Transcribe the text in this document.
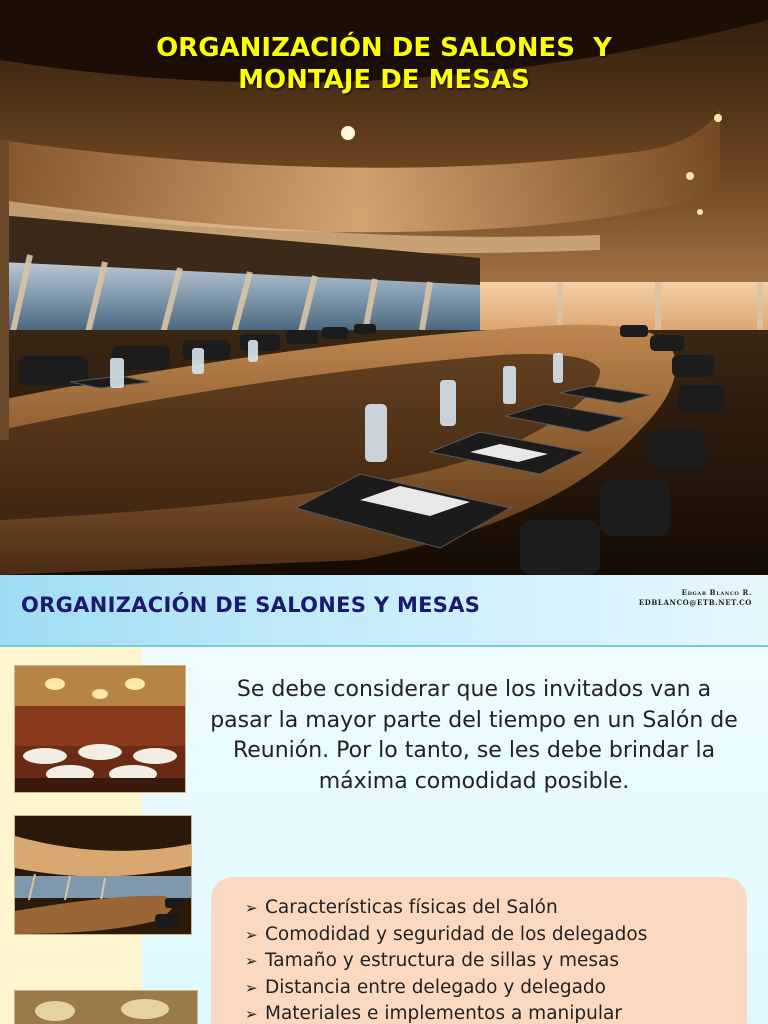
ORGANIZACIÓN DE SALONES  Y
MONTAJE DE MESAS
ORGANIZACIÓN DE SALONES Y MESAS
Edgar Blanco R.
EDBLANCO@ETB.NET.CO
Se debe considerar que los invitados van a pasar la mayor parte del tiempo en un Salón de Reunión. Por lo tanto, se les debe brindar la máxima comodidad posible.
➢ Características físicas del Salón
➢ Comodidad y seguridad de los delegados
➢ Tamaño y estructura de sillas y mesas
➢ Distancia entre delegado y delegado
➢ Materiales e implementos a manipular
